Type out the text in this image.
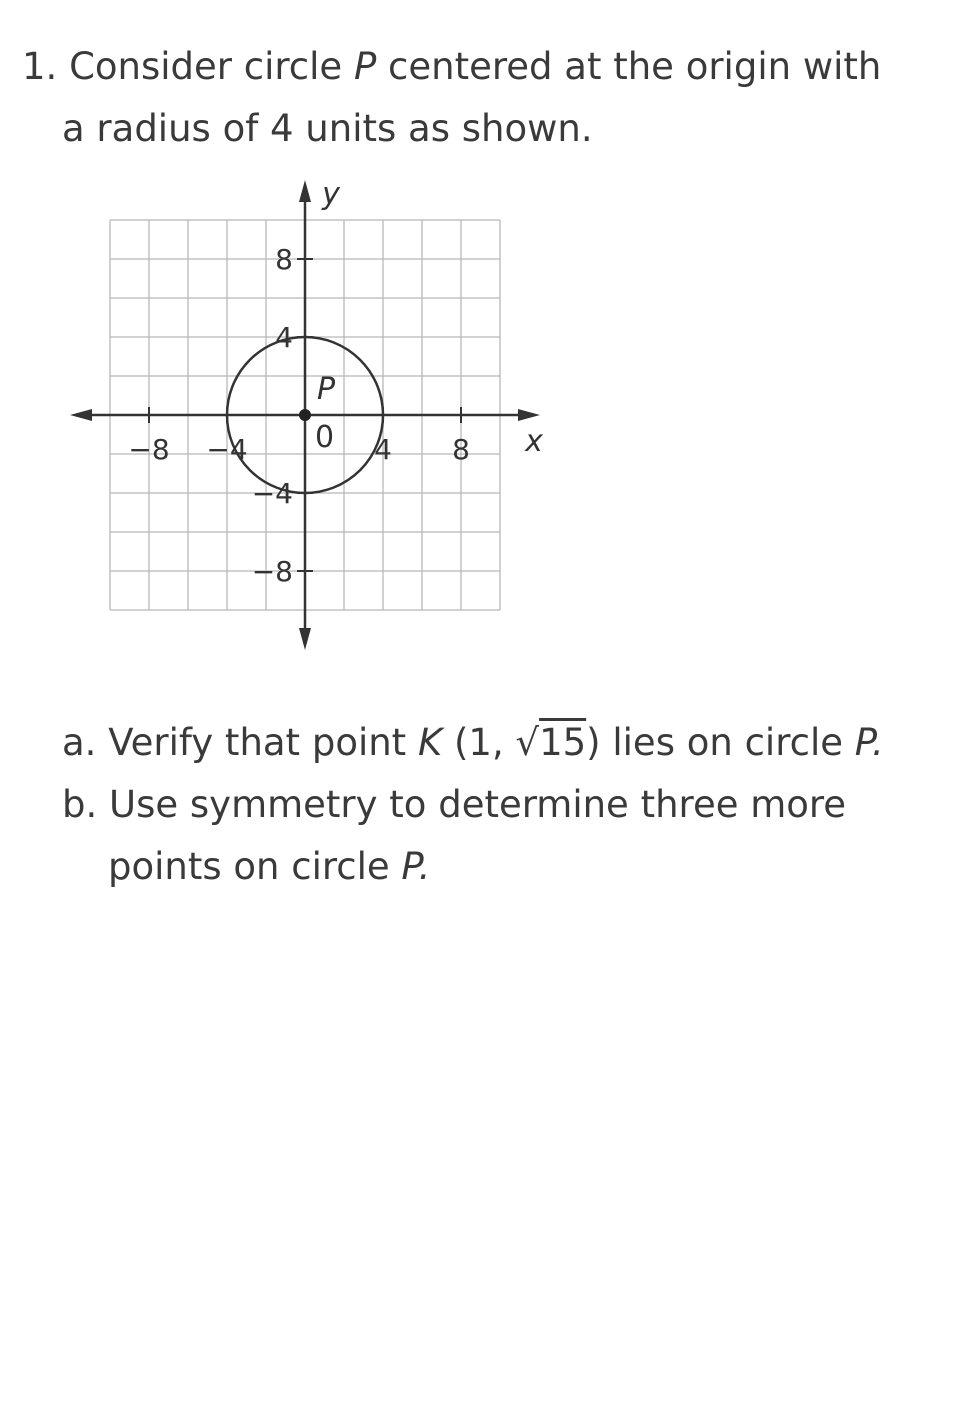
1. Consider circle P centered at the origin with
a radius of 4 units as shown.

−8 −4	4 8
8
4
−4
−8
P
0	x
y
a. Verify that point K (1, √15) lies on circle P.
b. Use symmetry to determine three more
points on circle P.
